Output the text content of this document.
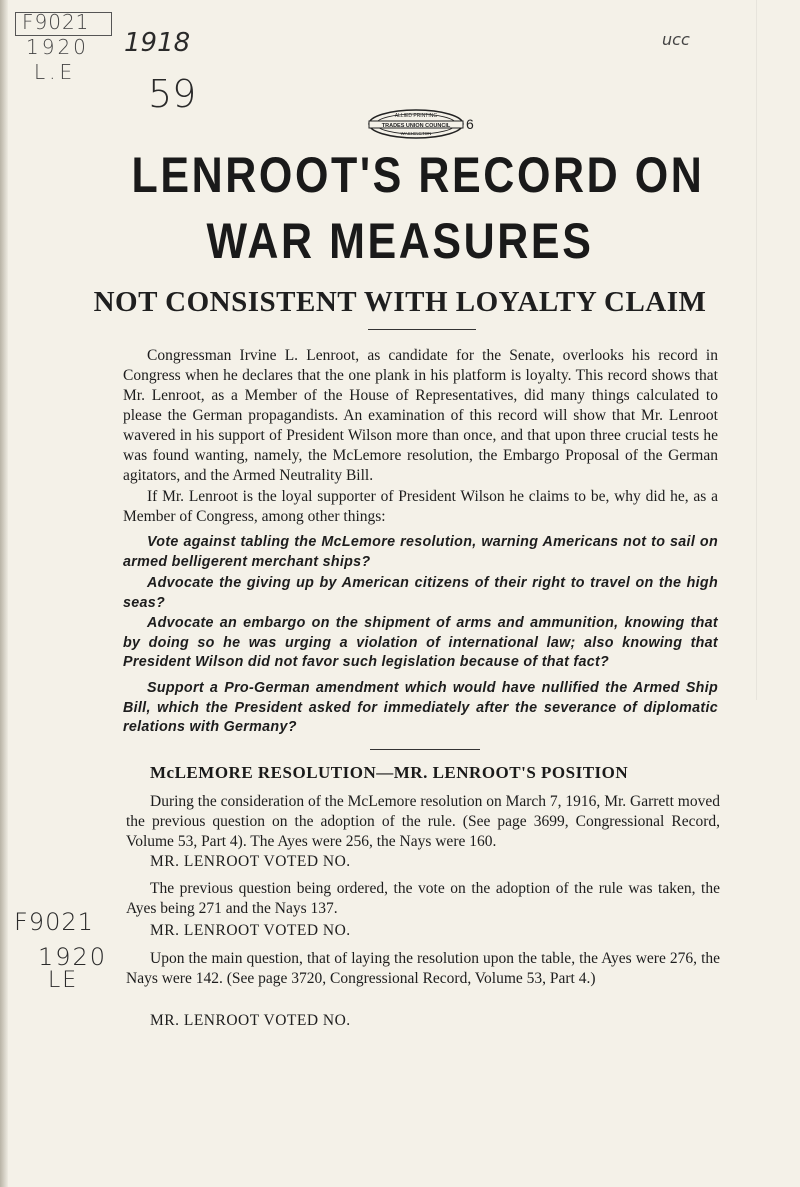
F9021
1920
L.E
1918
59
ucc
F9021
1920
LE
ALLIED PRINTING
TRADES UNION COUNCIL
WASHINGTON
6
LENROOT'S RECORD ON
WAR MEASURES
NOT CONSISTENT WITH LOYALTY CLAIM

Congressman Irvine L. Lenroot, as candidate for the Senate, overlooks his record in Congress when he declares that the one plank in his platform is loyalty. This record shows that Mr. Lenroot, as a Member of the House of Representatives, did many things calculated to please the German propagandists. An examination of this record will show that Mr. Lenroot wavered in his support of President Wilson more than once, and that upon three crucial tests he was found wanting, namely, the McLemore resolution, the Embargo Proposal of the German agitators, and the Armed Neutrality Bill.

If Mr. Lenroot is the loyal supporter of President Wilson he claims to be, why did he, as a Member of Congress, among other things:

Vote against tabling the McLemore resolution, warning Americans not to sail on armed belligerent merchant ships?

Advocate the giving up by American citizens of their right to travel on the high seas?

Advocate an embargo on the shipment of arms and ammunition, knowing that by doing so he was urging a violation of international law; also knowing that President Wilson did not favor such legislation because of that fact?

Support a Pro-German amendment which would have nullified the Armed Ship Bill, which the President asked for immediately after the severance of diplomatic relations with Germany?

McLEMORE RESOLUTION—MR. LENROOT'S POSITION

During the consideration of the McLemore resolution on March 7, 1916, Mr. Garrett moved the previous question on the adoption of the rule. (See page 3699, Congressional Record, Volume 53, Part 4). The Ayes were 256, the Nays were 160.

MR. LENROOT VOTED NO.

The previous question being ordered, the vote on the adoption of the rule was taken, the Ayes being 271 and the Nays 137.

MR. LENROOT VOTED NO.

Upon the main question, that of laying the resolution upon the table, the Ayes were 276, the Nays were 142. (See page 3720, Congressional Record, Volume 53, Part 4.)

MR. LENROOT VOTED NO.
